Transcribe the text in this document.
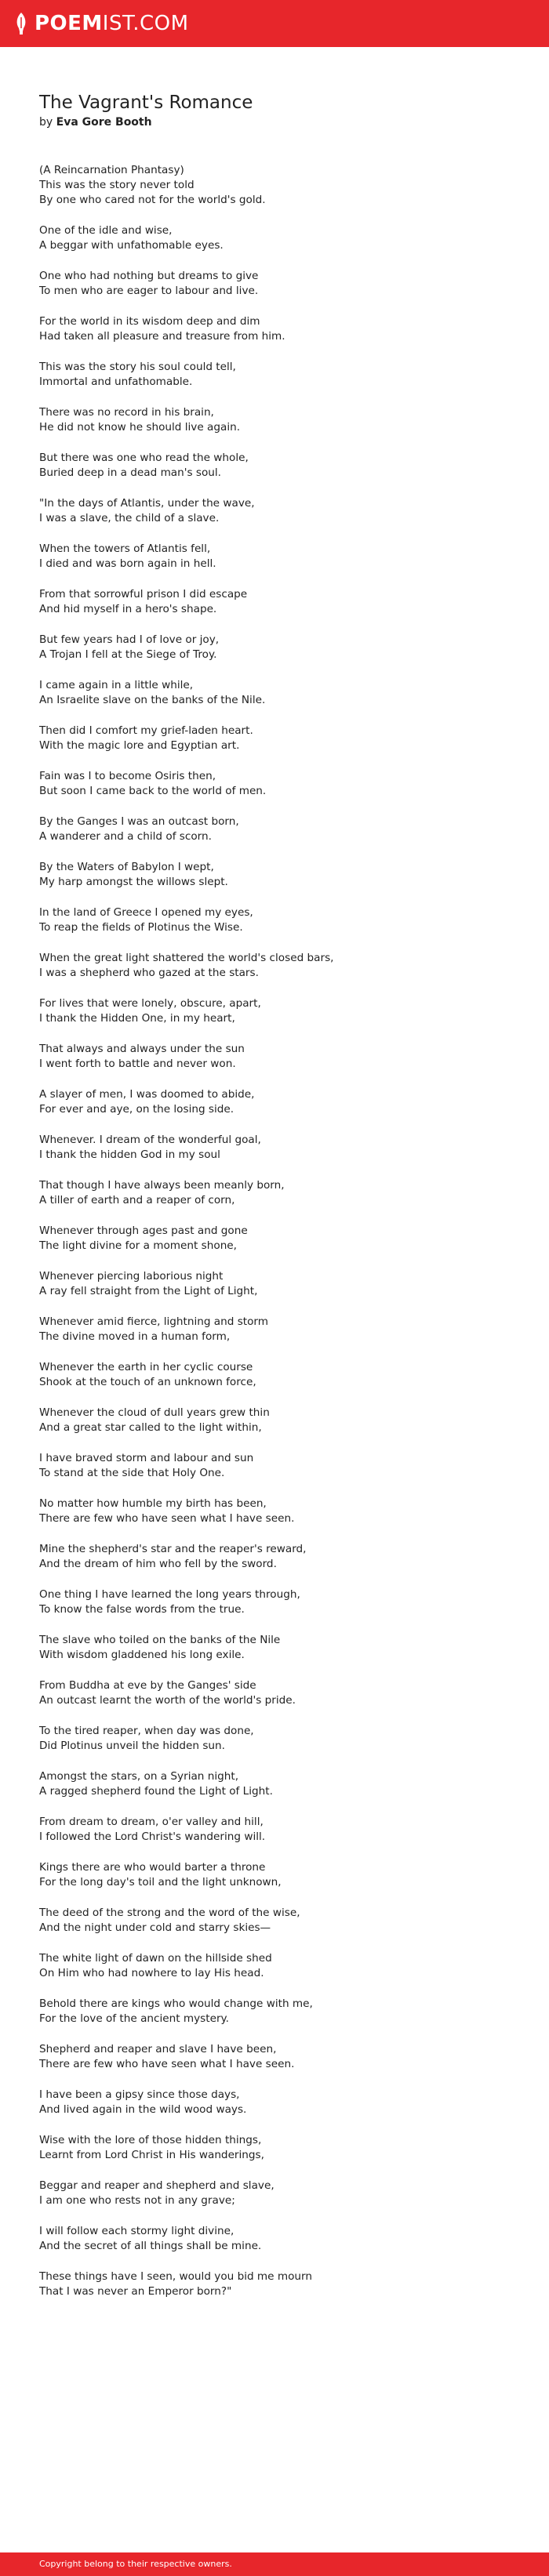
POEM IST.COM
The Vagrant's Romance

by Eva Gore Booth

(A Reincarnation Phantasy)
This was the story never told
By one who cared not for the world's gold.
One of the idle and wise,
A beggar with unfathomable eyes.
One who had nothing but dreams to give
To men who are eager to labour and live.
For the world in its wisdom deep and dim
Had taken all pleasure and treasure from him.
This was the story his soul could tell,
Immortal and unfathomable.
There was no record in his brain,
He did not know he should live again.
But there was one who read the whole,
Buried deep in a dead man's soul.
"In the days of Atlantis, under the wave,
I was a slave, the child of a slave.
When the towers of Atlantis fell,
I died and was born again in hell.
From that sorrowful prison I did escape
And hid myself in a hero's shape.
But few years had I of love or joy,
A Trojan I fell at the Siege of Troy.
I came again in a little while,
An Israelite slave on the banks of the Nile.
Then did I comfort my grief-laden heart.
With the magic lore and Egyptian art.
Fain was I to become Osiris then,
But soon I came back to the world of men.
By the Ganges I was an outcast born,
A wanderer and a child of scorn.
By the Waters of Babylon I wept,
My harp amongst the willows slept.
In the land of Greece I opened my eyes,
To reap the fields of Plotinus the Wise.
When the great light shattered the world's closed bars,
I was a shepherd who gazed at the stars.
For lives that were lonely, obscure, apart,
I thank the Hidden One, in my heart,
That always and always under the sun
I went forth to battle and never won.
A slayer of men, I was doomed to abide,
For ever and aye, on the losing side.
Whenever. I dream of the wonderful goal,
I thank the hidden God in my soul
That though I have always been meanly born,
A tiller of earth and a reaper of corn,
Whenever through ages past and gone
The light divine for a moment shone,
Whenever piercing laborious night
A ray fell straight from the Light of Light,
Whenever amid fierce, lightning and storm
The divine moved in a human form,
Whenever the earth in her cyclic course
Shook at the touch of an unknown force,
Whenever the cloud of dull years grew thin
And a great star called to the light within,
I have braved storm and labour and sun
To stand at the side that Holy One.
No matter how humble my birth has been,
There are few who have seen what I have seen.
Mine the shepherd's star and the reaper's reward,
And the dream of him who fell by the sword.
One thing I have learned the long years through,
To know the false words from the true.
The slave who toiled on the banks of the Nile
With wisdom gladdened his long exile.
From Buddha at eve by the Ganges' side
An outcast learnt the worth of the world's pride.
To the tired reaper, when day was done,
Did Plotinus unveil the hidden sun.
Amongst the stars, on a Syrian night,
A ragged shepherd found the Light of Light.
From dream to dream, o'er valley and hill,
I followed the Lord Christ's wandering will.
Kings there are who would barter a throne
For the long day's toil and the light unknown,
The deed of the strong and the word of the wise,
And the night under cold and starry skies—
The white light of dawn on the hillside shed
On Him who had nowhere to lay His head.
Behold there are kings who would change with me,
For the love of the ancient mystery.
Shepherd and reaper and slave I have been,
There are few who have seen what I have seen.
I have been a gipsy since those days,
And lived again in the wild wood ways.
Wise with the lore of those hidden things,
Learnt from Lord Christ in His wanderings,
Beggar and reaper and shepherd and slave,
I am one who rests not in any grave;
I will follow each stormy light divine,
And the secret of all things shall be mine.
These things have I seen, would you bid me mourn
That I was never an Emperor born?"
Copyright belong to their respective owners.
